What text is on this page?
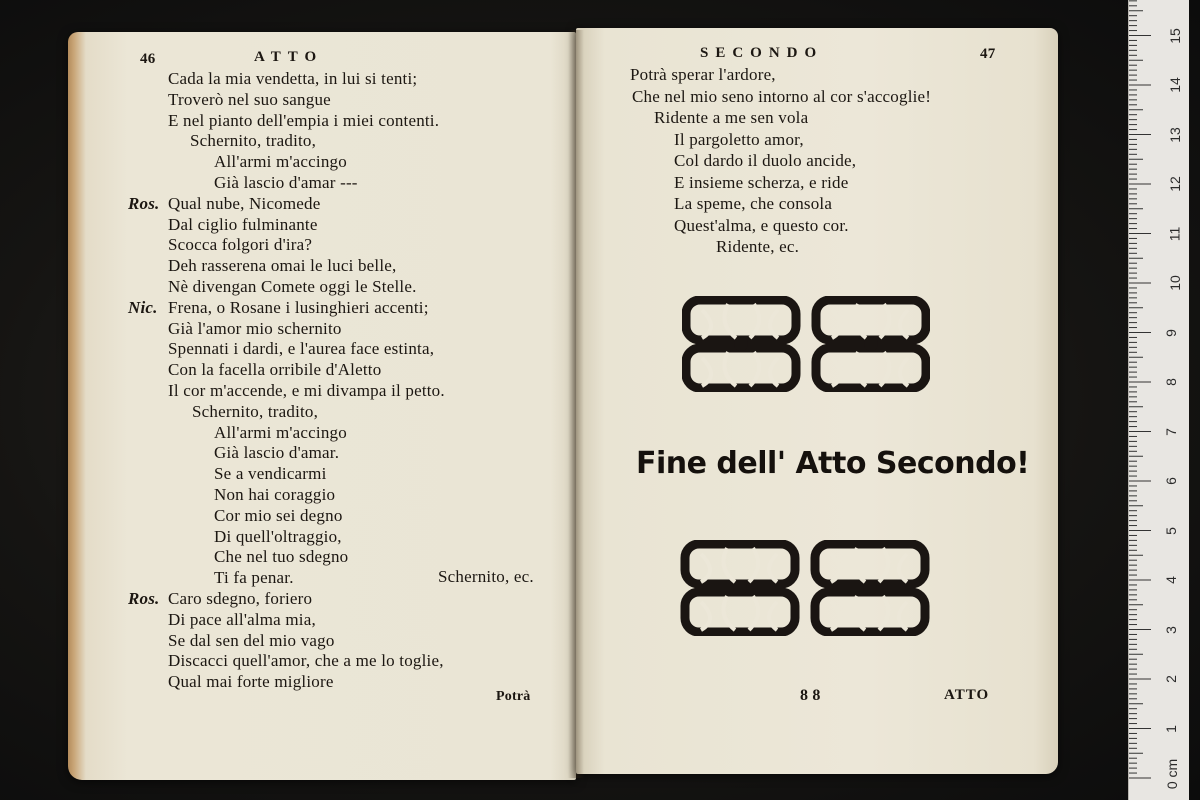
46	ATTO
Cada la mia vendetta, in lui si tenti;
Troverò nel suo sangue
E nel pianto dell'empia i miei contenti.
Schernito, tradito,
All'armi m'accingo
Già lascio d'amar ---
Ros. Qual nube, Nicomede
Dal ciglio fulminante
Scocca folgori d'ira?
Deh rasserena omai le luci belle,
Nè divengan Comete oggi le Stelle.
Nic. Frena, o Rosane i lusinghieri accenti;
Già l'amor mio schernito
Spennati i dardi, e l'aurea face estinta,
Con la facella orribile d'Aletto
Il cor m'accende, e mi divampa il petto.
Schernito, tradito,
All'armi m'accingo
Già lascio d'amar.
Se a vendicarmi
Non hai coraggio
Cor mio sei degno
Di quell'oltraggio,
Che nel tuo sdegno
Ti fa penar.
Ros. Caro sdegno, foriero
Di pace all'alma mia,
Se dal sen del mio vago
Discacci quell'amor, che a me lo toglie,
Qual mai forte migliore
Schernito, ec.
Potrà
SECONDO	47
Potrà sperar l'ardore,
Che nel mio seno intorno al cor s'accoglie!
Ridente a me sen vola
Il pargoletto amor,
Col dardo il duolo ancide,
E insieme scherza, e ride
La speme, che consola
Quest'alma, e questo cor.
Ridente, ec.
Fine dell' Atto Secondo!
8 8	ATTO
0 cm
1
2
3
4
5
6
7
8
9
10
11
12
13
14
15
